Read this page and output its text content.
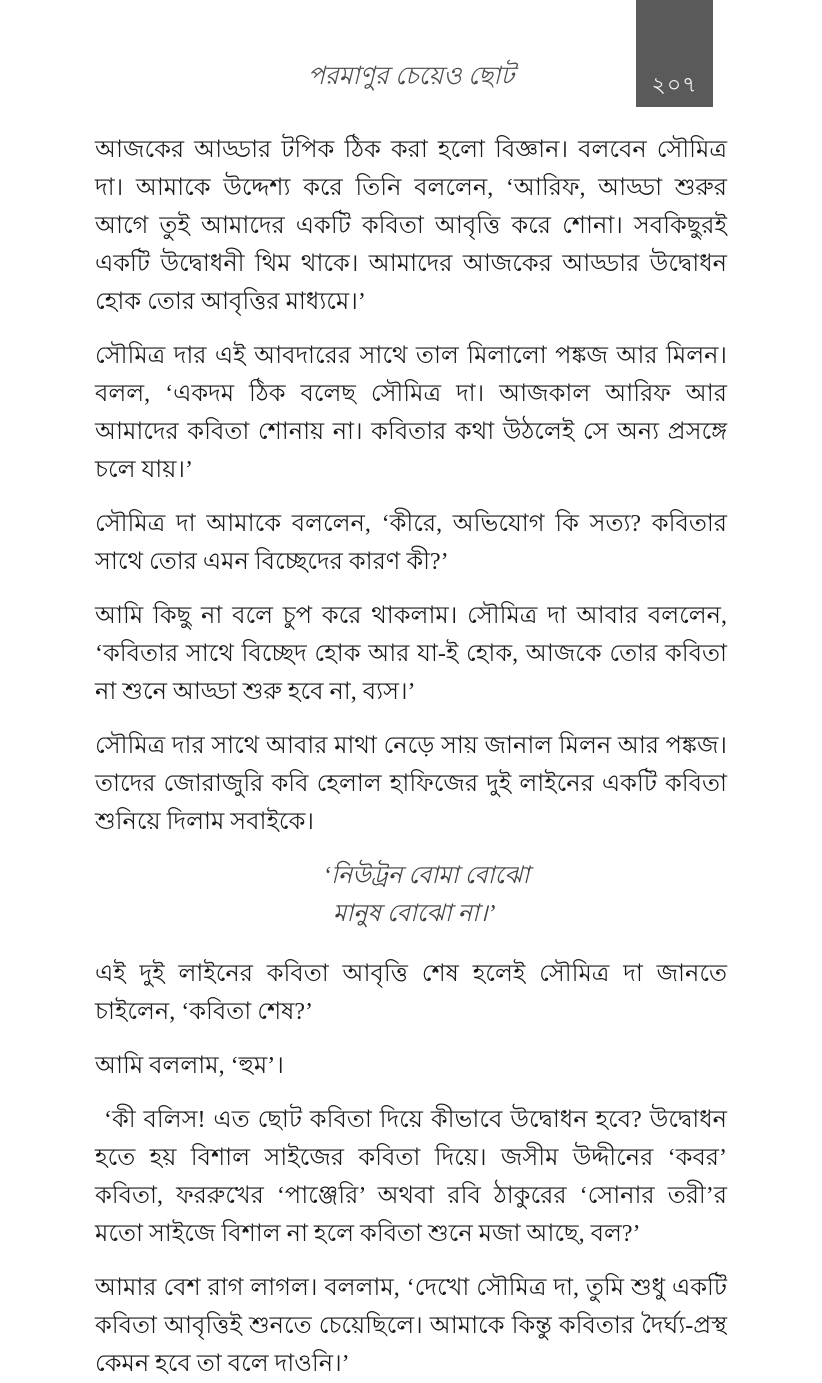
২০৭
পরমাণুর চেয়েও ছোট

আজকের আড্ডার টপিক ঠিক করা হলো বিজ্ঞান। বলবেন সৌমিত্র দা। আমাকে উদ্দেশ্য করে তিনি বললেন, ‘আরিফ, আড্ডা শুরুর আগে তুই আমাদের একটি কবিতা আবৃত্তি করে শোনা। সবকিছুরই একটি উদ্বোধনী থিম থাকে। আমাদের আজকের আড্ডার উদ্বোধন হোক তোর আবৃত্তির মাধ্যমে।’

সৌমিত্র দার এই আবদারের সাথে তাল মিলালো পঙ্কজ আর মিলন। বলল, ‘একদম ঠিক বলেছ সৌমিত্র দা। আজকাল আরিফ আর আমাদের কবিতা শোনায় না। কবিতার কথা উঠলেই সে অন্য প্রসঙ্গে চলে যায়।’

সৌমিত্র দা আমাকে বললেন, ‘কীরে, অভিযোগ কি সত্য? কবিতার সাথে তোর এমন বিচ্ছেদের কারণ কী?’

আমি কিছু না বলে চুপ করে থাকলাম। সৌমিত্র দা আবার বললেন, ‘কবিতার সাথে বিচ্ছেদ হোক আর যা-ই হোক, আজকে তোর কবিতা না শুনে আড্ডা শুরু হবে না, ব্যস।’

সৌমিত্র দার সাথে আবার মাথা নেড়ে সায় জানাল মিলন আর পঙ্কজ। তাদের জোরাজুরি কবি হেলাল হাফিজের দুই লাইনের একটি কবিতা শুনিয়ে দিলাম সবাইকে।

‘নিউট্রন বোমা বোঝো
মানুষ বোঝো না।’

এই দুই লাইনের কবিতা আবৃত্তি শেষ হলেই সৌমিত্র দা জানতে চাইলেন, ‘কবিতা শেষ?’

আমি বললাম, ‘হুম’।

‘কী বলিস! এত ছোট কবিতা দিয়ে কীভাবে উদ্বোধন হবে? উদ্বোধন হতে হয় বিশাল সাইজের কবিতা দিয়ে। জসীম উদ্দীনের ‘কবর’ কবিতা, ফররুখের ‘পাঞ্জেরি’ অথবা রবি ঠাকুরের ‘সোনার তরী’র মতো সাইজে বিশাল না হলে কবিতা শুনে মজা আছে, বল?’

আমার বেশ রাগ লাগল। বললাম, ‘দেখো সৌমিত্র দা, তুমি শুধু একটি কবিতা আবৃত্তিই শুনতে চেয়েছিলে। আমাকে কিন্তু কবিতার দৈর্ঘ্য-প্রস্থ কেমন হবে তা বলে দাওনি।’
